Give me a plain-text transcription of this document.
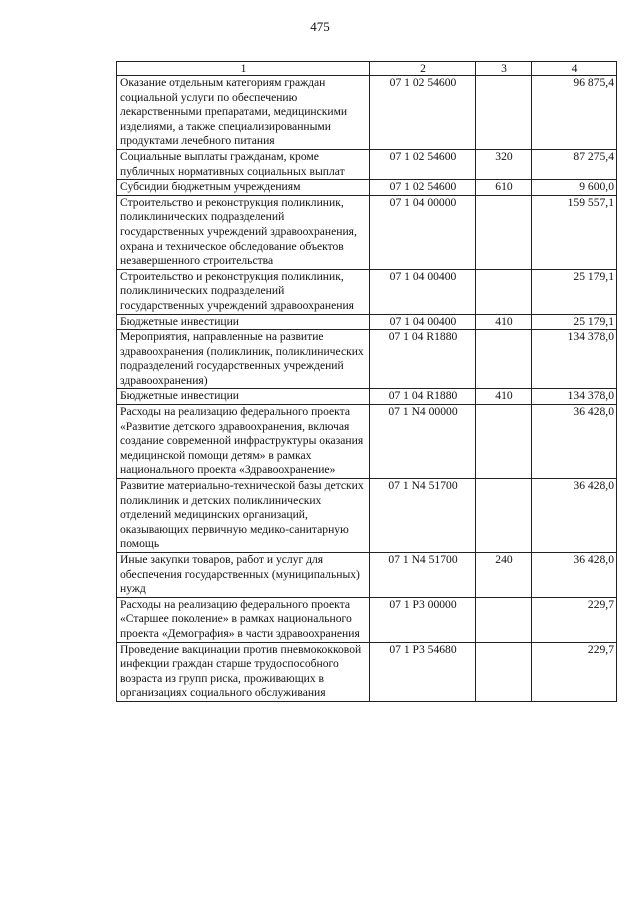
475
1	2	3	4
Оказание отдельным категориям граждан социальной услуги по обеспечению лекарственными препаратами, медицинскими изделиями, а также специализированными продуктами лечебного питания	07 1 02 54600		96 875,4
Социальные выплаты гражданам, кроме публичных нормативных социальных выплат	07 1 02 54600	320	87 275,4
Субсидии бюджетным учреждениям	07 1 02 54600	610	9 600,0
Строительство и реконструкция поликлиник, поликлинических подразделений государственных учреждений здравоохранения, охрана и техническое обследование объектов незавершенного строительства	07 1 04 00000		159 557,1
Строительство и реконструкция поликлиник, поликлинических подразделений государственных учреждений здравоохранения	07 1 04 00400		25 179,1
Бюджетные инвестиции	07 1 04 00400	410	25 179,1
Мероприятия, направленные на развитие здравоохранения (поликлиник, поликлинических подразделений государственных учреждений здравоохранения)	07 1 04 R1880		134 378,0
Бюджетные инвестиции	07 1 04 R1880	410	134 378,0
Расходы на реализацию федерального проекта «Развитие детского здравоохранения, включая создание современной инфраструктуры оказания медицинской помощи детям» в рамках национального проекта «Здравоохранение»	07 1 N4 00000		36 428,0
Развитие материально-технической базы детских поликлиник и детских поликлинических отделений медицинских организаций, оказывающих первичную медико-санитарную помощь	07 1 N4 51700		36 428,0
Иные закупки товаров, работ и услуг для обеспечения государственных (муниципальных) нужд	07 1 N4 51700	240	36 428,0
Расходы на реализацию федерального проекта «Старшее поколение» в рамках национального проекта «Демография» в части здравоохранения	07 1 P3 00000		229,7
Проведение вакцинации против пневмококковой инфекции граждан старше трудоспособного возраста из групп риска, проживающих в организациях социального обслуживания	07 1 P3 54680		229,7
